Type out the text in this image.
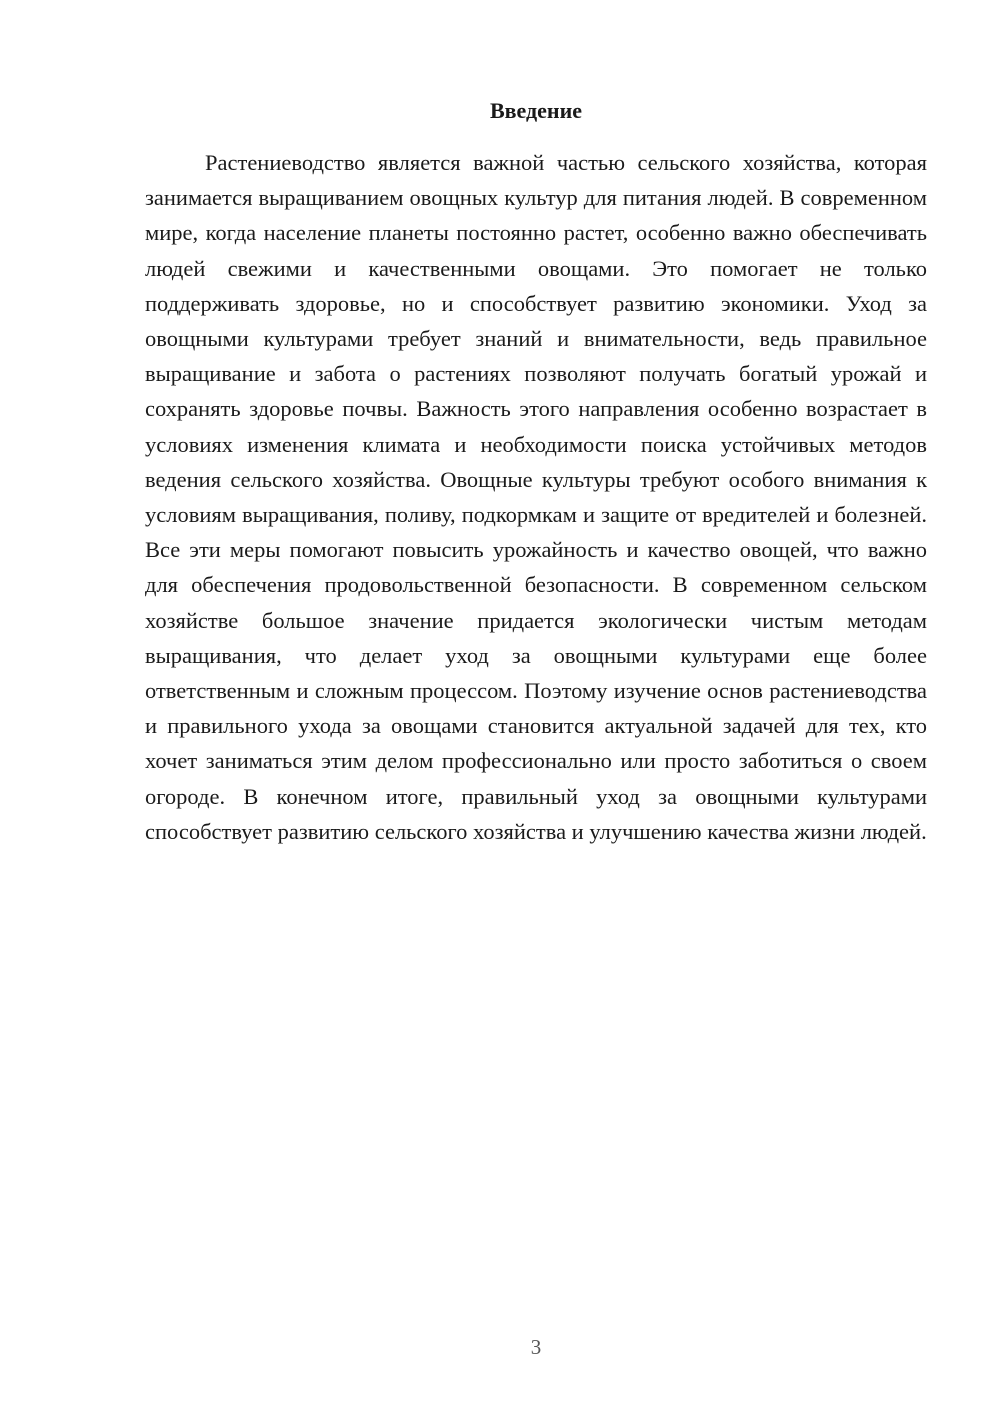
Введение

Растениеводство является важной частью сельского хозяйства, которая занимается выращиванием овощных культур для питания людей. В современном мире, когда население планеты постоянно растет, особенно важно обеспечивать людей свежими и качественными овощами. Это помогает не только поддерживать здоровье, но и способствует развитию экономики. Уход за овощными культурами требует знаний и внимательности, ведь правильное выращивание и забота о растениях позволяют получать богатый урожай и сохранять здоровье почвы. Важность этого направления особенно возрастает в условиях изменения климата и необходимости поиска устойчивых методов ведения сельского хозяйства. Овощные культуры требуют особого внимания к условиям выращивания, поливу, подкормкам и защите от вредителей и болезней. Все эти меры помогают повысить урожайность и качество овощей, что важно для обеспечения продовольственной безопасности. В современном сельском хозяйстве большое значение придается экологически чистым методам выращивания, что делает уход за овощными культурами еще более ответственным и сложным процессом. Поэтому изучение основ растениеводства и правильного ухода за овощами становится актуальной задачей для тех, кто хочет заниматься этим делом профессионально или просто заботиться о своем огороде. В конечном итоге, правильный уход за овощными культурами способствует развитию сельского хозяйства и улучшению качества жизни людей.

3
